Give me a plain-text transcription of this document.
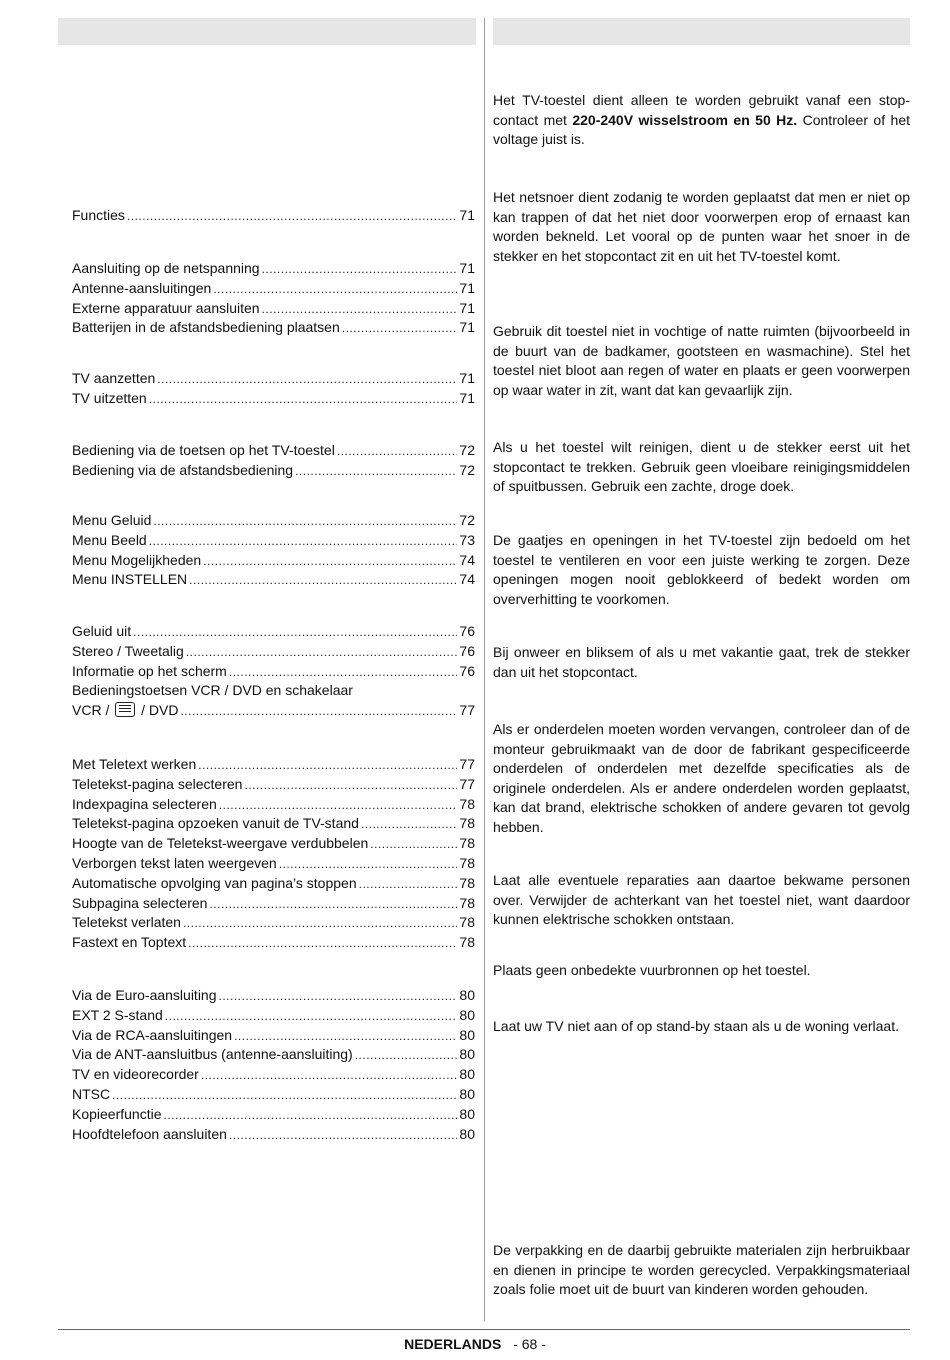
Functies .....	71
Aansluiting op de netspanning .....	71
Antenne-aansluitingen .....	71
Externe apparatuur aansluiten .....	71
Batterijen in de afstandsbediening plaatsen .....	71
TV aanzetten .....	71
TV uitzetten .....	71
Bediening via de toetsen op het TV-toestel .....	72
Bediening via de afstandsbediening .....	72
Menu Geluid .....	72
Menu Beeld .....	73
Menu Mogelijkheden .....	74
Menu INSTELLEN .....	74
Geluid uit .....	76
Stereo / Tweetalig .....	76
Informatie op het scherm .....	76
Bedieningstoetsen VCR / DVD en schakelaar
VCR / / DVD .....	77
Met Teletext werken .....	77
Teletekst-pagina selecteren .....	77
Indexpagina selecteren .....	78
Teletekst-pagina opzoeken vanuit de TV-stand .....	78
Hoogte van de Teletekst-weergave verdubbelen .....	78
Verborgen tekst laten weergeven .....	78
Automatische opvolging van pagina’s stoppen .....	78
Subpagina selecteren .....	78
Teletekst verlaten .....	78
Fastext en Toptext .....	78
Via de Euro-aansluiting .....	80
EXT 2 S-stand .....	80
Via de RCA-aansluitingen .....	80
Via de ANT-aansluitbus (antenne-aansluiting) .....	80
TV en videorecorder .....	80
NTSC .....	80
Kopieerfunctie .....	80
Hoofdtelefoon aansluiten .....	80

Het TV-toestel dient alleen te worden gebruikt vanaf een stop-contact met 220-240V wisselstroom en 50 Hz. Controleer of het voltage juist is.

Het netsnoer dient zodanig te worden geplaatst dat men er niet op kan trappen of dat het niet door voorwerpen erop of ernaast kan worden bekneld. Let vooral op de punten waar het snoer in de stekker en het stopcontact zit en uit het TV-toestel komt.

Gebruik dit toestel niet in vochtige of natte ruimten (bijvoorbeeld in de buurt van de badkamer, gootsteen en wasmachine). Stel het toestel niet bloot aan regen of water en plaats er geen voorwerpen op waar water in zit, want dat kan gevaarlijk zijn.

Als u het toestel wilt reinigen, dient u de stekker eerst uit het stopcontact te trekken. Gebruik geen vloeibare reinigingsmiddelen of spuitbussen. Gebruik een zachte, droge doek.

De gaatjes en openingen in het TV-toestel zijn bedoeld om het toestel te ventileren en voor een juiste werking te zorgen. Deze openingen mogen nooit geblokkeerd of bedekt worden om oververhitting te voorkomen.

Bij onweer en bliksem of als u met vakantie gaat, trek de stekker dan uit het stopcontact.

Als er onderdelen moeten worden vervangen, controleer dan of de monteur gebruikmaakt van de door de fabrikant gespecificeerde onderdelen of onderdelen met dezelfde specificaties als de originele onderdelen. Als er andere onderdelen worden geplaatst, kan dat brand, elektrische schokken of andere gevaren tot gevolg hebben.

Laat alle eventuele reparaties aan daartoe bekwame personen over. Verwijder de achterkant van het toestel niet, want daardoor kunnen elektrische schokken ontstaan.

Plaats geen onbedekte vuurbronnen op het toestel.

Laat uw TV niet aan of op stand-by staan als u de woning verlaat.

De verpakking en de daarbij gebruikte materialen zijn herbruikbaar en dienen in principe te worden gerecycled. Verpakkingsmateriaal zoals folie moet uit de buurt van kinderen worden gehouden.

NEDERLANDS - 68 -
